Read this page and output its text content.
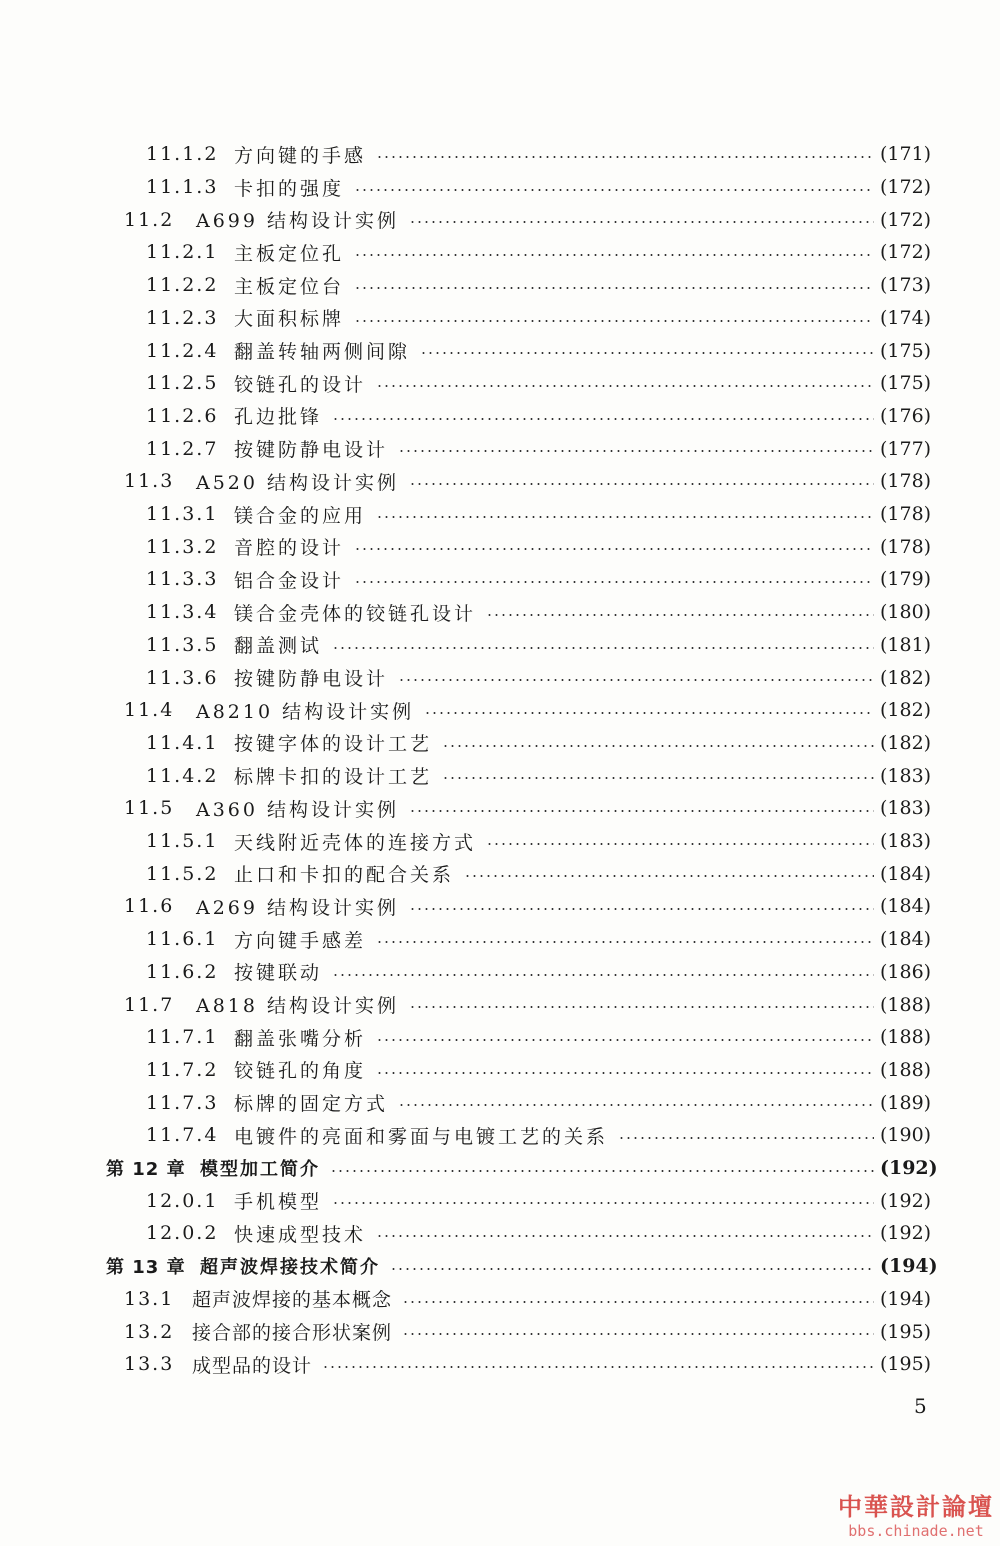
11.1.2 方向键的手感	(171)
11.1.3 卡扣的强度	(172)
11.2 A699 结构设计实例	(172)
11.2.1 主板定位孔	(172)
11.2.2 主板定位台	(173)
11.2.3 大面积标牌	(174)
11.2.4 翻盖转轴两侧间隙	(175)
11.2.5 铰链孔的设计	(175)
11.2.6 孔边批锋	(176)
11.2.7 按键防静电设计	(177)
11.3 A520 结构设计实例	(178)
11.3.1 镁合金的应用	(178)
11.3.2 音腔的设计	(178)
11.3.3 铝合金设计	(179)
11.3.4 镁合金壳体的铰链孔设计	(180)
11.3.5 翻盖测试	(181)
11.3.6 按键防静电设计	(182)
11.4 A8210 结构设计实例	(182)
11.4.1 按键字体的设计工艺	(182)
11.4.2 标牌卡扣的设计工艺	(183)
11.5 A360 结构设计实例	(183)
11.5.1 天线附近壳体的连接方式	(183)
11.5.2 止口和卡扣的配合关系	(184)
11.6 A269 结构设计实例	(184)
11.6.1 方向键手感差	(184)
11.6.2 按键联动	(186)
11.7 A818 结构设计实例	(188)
11.7.1 翻盖张嘴分析	(188)
11.7.2 铰链孔的角度	(188)
11.7.3 标牌的固定方式	(189)
11.7.4 电镀件的亮面和雾面与电镀工艺的关系	(190)
第 12 章 模型加工简介	(192)
12.0.1 手机模型	(192)
12.0.2 快速成型技术	(192)
第 13 章 超声波焊接技术简介	(194)
13.1 超声波焊接的基本概念	(194)
13.2 接合部的接合形状案例	(195)
13.3 成型品的设计	(195)
5
中華設計論壇
bbs.chinade.net
